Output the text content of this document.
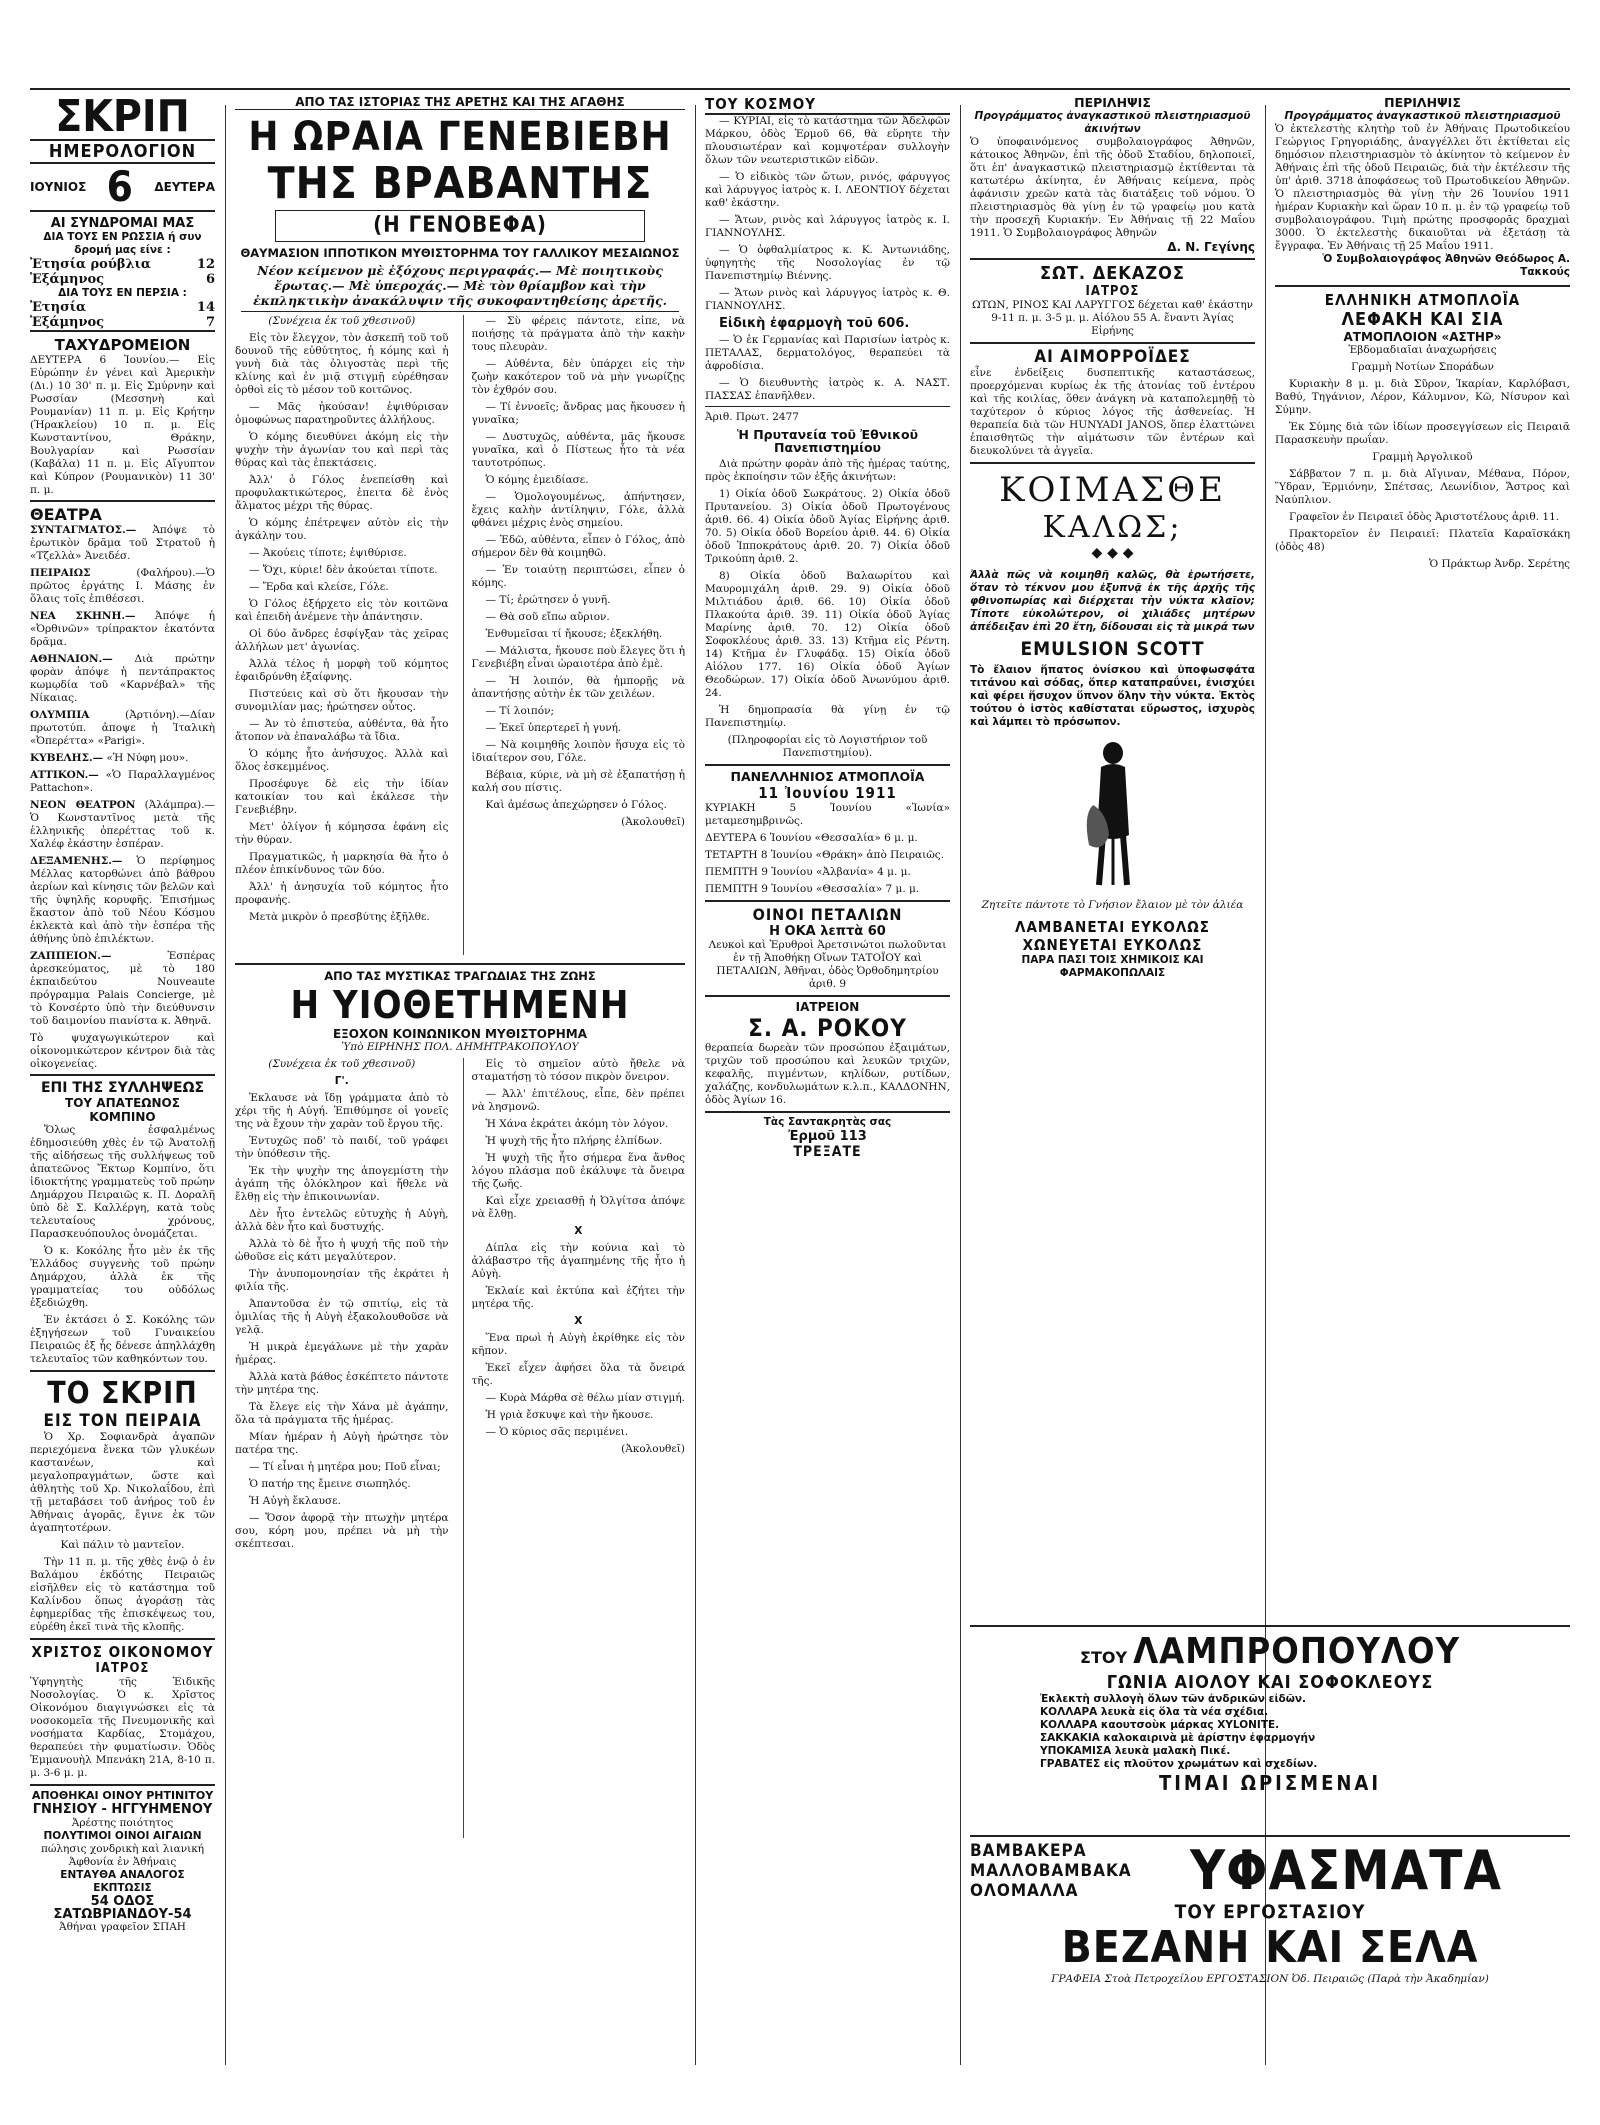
ΣΚΡΙΠ
ΗΜΕΡΟΛΟΓΙΟΝ
ΙΟΥΝΙΟΣ 6 ΔΕΥΤΕΡΑ
ΑΙ ΣΥΝΔΡΟΜΑΙ ΜΑΣ
ΔΙΑ ΤΟΥΣ ΕΝ ΡΩΣΣΙΑ ή συν δρομή μας είνε :
Ἐτησία ρούβλια	12
Ἑξάμηνος	6
ΔΙΑ ΤΟΥΣ ΕΝ ΠΕΡΣΙΑ :
Ἐτησία	14
Ἑξάμηνος	7
ΤΑΧΥΔΡΟΜΕΙΟΝ
ΔΕΥΤΕΡΑ 6 Ἰουνίου.— Εἰς Εὐρώπην ἐν γένει καὶ Ἀμερικὴν (Δι.) 10 30' π. μ. Εἰς Σμύρνην καὶ Ρωσσίαν (Μεσσηνὴ καὶ Ρουμανίαν) 11 π. μ. Εἰς Κρήτην (Ἡρακλείου) 10 π. μ. Εἰς Κωνσταντίνου, Θράκην, Βουλγαρίαν καὶ Ρωσσίαν (Καβάλα) 11 π. μ. Εἰς Αἴγυπτον καὶ Κύπρον (Ρουμανικὸν) 11 30' π. μ.
ΘΕΑΤΡΑ

ΣΥΝΤΑΓΜΑΤΟΣ.— Ἀπόψε τὸ ἐρωτικὸν δρᾶμα τοῦ Στρατοῦ ἡ «Τζελλὰ» Ἀνειδέσ.

ΠΕΙΡΑΙΩΣ	(Φαλήρου).—Ὁ πρῶτος ἐργάτης Ι. Μάσης ἐν ὅλαις τοῖς ἐπιθέσεσι.

ΝΕΑ ΣΚΗΝΗ.— Ἀπόψε ἡ «Ὀρθινῶν» τρίπρακτον ἑκατόντα δρᾶμα.

ΑΘΗΝΑΙΟΝ.— Διὰ πρώτην φορὰν ἀπόψε ἡ πεντάπρακτος κωμῳδία τοῦ «Καρνέβαλ» τῆς Νίκαιας.

ΟΛΥΜΠΙΑ	(Ἀρτιόνη).—Δίαν πρωτοτύπ. ἀποψε ἡ Ἰταλικὴ «Ὀπερέττα» «Parigi».

ΚΥΒΕΛΗΣ.— «Ἡ Νύφη μου».

ATTIKON.— «Ὁ Παραλλαγμένος Pattachon».

ΝΕΟΝ ΘΕΑΤΡΟΝ (Ἀλάμπρα).— Ὁ Κωνσταντῖνος μετὰ τῆς ἑλληνικῆς ὀπερέττας τοῦ κ. Χαλέφ ἐκάστην ἑσπέραν.

ΔΕΞΑΜΕΝΗΣ.— Ὁ περίφημος Μέλλας κατορθώνει ἀπὸ βάθρου ἀερίων καὶ κίνησις τῶν βελῶν καὶ τῆς ὑψηλῆς κορυφῆς. Ἐπισήμως ἕκαστον ἀπὸ τοῦ Νέου Κόσμου ἐκλεκτὰ καὶ ἀπὸ τὴν ἑσπέρα τῆς ἀθήνης ὑπὸ ἐπιλέκτων.

ΖΑΠΠΕΙΟΝ.—	Ἐσπέρας ἀρεσκεύματος, μὲ τὸ 180 ἐκπαιδεύτου Nouveaute πρόγραμμα Palais Concierge, μὲ τὸ Κονσέρτο ὑπὸ τὴν διεύθυνσιν τοῦ δαιμονίου πιανίστα κ. Ἀθηνᾶ.

Τὸ ψυχαγωγικώτερον καὶ οἰκονομικώτερον κέντρον διὰ τὰς οἰκογενείας.

ΕΠΙ ΤΗΣ ΣΥΛΛΗΨΕΩΣ
ΤΟΥ ΑΠΑΤΕΩΝΟΣ ΚΟΜΠΙΝΟ

Ὅλως ἐσφαλμένως ἐδημοσιεύθη χθὲς ἐν τῷ Ἀνατολῇ τῆς αἰδήσεως τῆς συλλήψεως τοῦ ἀπατεῶνος Ἔκτωρ Κομπίνο, ὅτι ἰδιοκτήτης γραμματεὺς τοῦ πρώην Δημάρχου Πειραιῶς κ. Π. Δοραλῆ ὑπὸ δὲ Σ. Καλλέργη, κατὰ τοὺς τελευταίους χρόνους, Παρασκευόπουλος ὁνομάζεται.

Ὁ κ. Κοκόλης ἦτο μὲν ἐκ τῆς Ἐλλάδος συγγενὴς τοῦ πρώην Δημάρχου, ἀλλὰ ἐκ τῆς γραμματείας του οὐδόλως ἐξεδιώχθη.

Ἐν ἐκτάσει ὁ Σ. Κοκόλης τῶν ἐξηγήσεων τοῦ Γυναικείου Πειραιῶς ἐξ ἧς δένεσε ἀπηλλάχθη τελευταῖος τῶν καθηκόντων του.

ΤΟ ΣΚΡΙΠ
ΕΙΣ ΤΟΝ ΠΕΙΡΑΙΑ

Ὁ Χρ. Σοφιανδρὰ ἀγαπῶν περιεχόμενα ἔνεκα τῶν γλυκέων καστανέων, καὶ μεγαλοπραγμάτων, ὥστε καὶ ἀθλητὴς τοῦ Χρ. Νικολαΐδου, ἐπὶ τῇ μεταβάσει τοῦ ἀνήρος τοῦ ἐν Ἀθήναις ἀγορᾶς, ἔγινε ἐκ τῶν ἀγαπητοτέρων.

Καὶ πάλιν τὸ μαντεῖον.

Τὴν 11 π. μ. τῆς χθὲς ἐνῷ ὁ ἐν Βαλάμου ἐκδότης Πειραιῶς εἰσῆλθεν εἰς τὸ κατάστημα τοῦ Καλίνδου ὅπως ἀγοράσῃ τὰς ἐφημερίδας τῆς ἐπισκέψεως του, εὐρέθη ἐκεῖ τινὰ τῆς κλοπῆς.

ΧΡΙΣΤΟΣ ΟΙΚΟΝΟΜΟΥ
ΙΑΤΡΟΣ
Ὑφηγητὴς τῆς Ἐιδικῆς Νοσολογίας. Ὁ κ. Χρῖστος Οἰκονόμου διαγιγνώσκει εἰς τὰ νοσοκομεῖα τῆς Πνευμονικῆς καὶ νοσήματα Καρδίας, Στομάχου, θεραπεύει τὴν φυματίωσιν. Ὁδὸς Ἐμμανουὴλ Μπενάκη 21Α, 8-10 π. μ. 3-6 μ. μ.
ΑΠΟΘΗΚΑΙ ΟΙΝΟΥ ΡΗΤΙΝΙΤΟΥ
ΓΝΗΣΙΟΥ - ΗΓΓΥΗΜΕΝΟΥ
Ἀρέστης ποιότητος
ΠΟΛΥΤΙΜΟΙ ΟΙΝΟΙ ΑΙΓΑΙΩΝ
πώλησις χονδρικὴ καὶ λιανική
Ἀφθονία ἐν Ἀθήναις
ΕΝΤΑΥΘΑ ΑΝΑΛΟΓΟΣ ΕΚΠΤΩΣΙΣ
54 ΟΔΟΣ ΣΑΤΩΒΡΙΑΝΔΟΥ-54
Ἀθήναι γραφεῖον ΣΠΑΗ
ΑΠΟ ΤΑΣ ΙΣΤΟΡΙΑΣ ΤΗΣ ΑΡΕΤΗΣ ΚΑΙ ΤΗΣ ΑΓΑΘΗΣ
Η ΩΡΑΙΑ ΓΕΝΕΒΙΕΒΗ
ΤΗΣ ΒΡΑΒΑΝΤΗΣ
(Η ΓΕΝΟΒΕΦΑ)
ΘΑΥΜΑΣΙΟΝ ΙΠΠΟΤΙΚΟΝ ΜΥΘΙΣΤΟΡΗΜΑ ΤΟΥ ΓΑΛΛΙΚΟΥ ΜΕΣΑΙΩΝΟΣ
Νέον κείμενον μὲ ἐξόχους περιγραφάς.— Μὲ ποιητικοὺς ἔρωτας.— Μὲ ὑπεροχάς.— Μὲ τὸν θρίαμβον καὶ τὴν ἐκπληκτικὴν ἀνακάλυψιν τῆς συκοφαντηθείσης ἀρετῆς.

(Συνέχεια ἐκ τοῦ χθεσινοῦ)

Εἰς τὸν ἔλεγχον, τὸν ἀσκεπῆ τοῦ τοῦ δουνοῦ τῆς εὐθύτητος, ἡ κόμης καὶ ἡ γυνὴ διὰ τὰς ὀλιγοστὰς περὶ τῆς κλίνης καὶ ἐν μιᾷ στιγμῇ εὐρέθησαν ὁρθοὶ εἰς τὸ μέσον τοῦ κοιτῶνος.

— Μᾶς ἠκούσαν! ἐψιθύρισαν ὁμοφώνως παρατηροῦντες ἀλλήλους.

Ὁ κόμης διευθύνει ἀκόμη εἰς τὴν ψυχὴν τὴν ἀγωνίαν του καὶ περὶ τὰς θύρας καὶ τὰς ἐπεκτάσεις.

Ἀλλ' ὁ Γόλος ἐνεπείσθη καὶ προφυλακτικώτερος, ἐπειτα δὲ ἐνὸς ἄλματος μέχρι τῆς θύρας.

Ὁ κόμης ἐπέτρεψεν αὐτὸν εἰς τὴν ἀγκάλην του.

— Ἀκούεις τίποτε; ἐψιθύρισε.

— Ὄχι, κύριε! δὲν ἀκούεται τίποτε.

— Ἔρδα καὶ κλείσε, Γόλε.

Ὁ Γόλος ἐξήρχετο εἰς τὸν κοιτῶνα καὶ ἐπειδὴ ἀνέμενε τὴν ἀπάντησιν.

Οἱ δύο ἄνδρες ἐσφίγξαν τὰς χεῖρας ἀλλήλων μετ' ἀγωνίας.

Ἀλλὰ τέλος ἡ μορφὴ τοῦ κόμητος ἐφαιδρύνθη ἐξαίφνης.

Πιστεύεις καὶ σὺ ὅτι ἤκουσαν τὴν συνομιλίαν μας; ἠρώτησεν οὗτος.

— Ἀν τὸ ἐπιστεύα, αὐθέντα, θὰ ἦτο ἄτοπον νὰ ἐπαναλάβω τὰ ἴδια.

Ὁ κόμης ἦτο ἀνήσυχος. Ἀλλὰ καὶ ὅλος ἐσκεμμένος.

Προσέφυγε δὲ εἰς τὴν ἰδίαν κατοικίαν του καὶ ἐκάλεσε τὴν Γενεβιέβην.

Μετ' ὀλίγον ἡ κόμησσα ἐφάνη εἰς τὴν θύραν.

Πραγματικῶς, ἡ μαρκησία θὰ ἦτο ὁ πλέον ἐπικίνδυνος τῶν δύο.

Ἀλλ' ἡ ἀνησυχία τοῦ κόμητος ἦτο προφανής.

Μετὰ μικρὸν ὁ πρεσβύτης ἐξῆλθε.

— Σὺ φέρεις πάντοτε, εἶπε, νὰ ποιήσῃς τὰ πράγματα ἀπὸ τὴν κακὴν τους πλευρὰν.

— Αὐθέντα, δὲν ὑπάρχει εἰς τὴν ζωὴν κακότερον τοῦ νὰ μὴν γνωρίζῃς τὸν ἐχθρόν σου.

— Τί ἐννοεῖς; ἄνδρας μας ἤκουσεν ἡ γυναῖκα;

— Δυστυχῶς, αὐθέντα, μᾶς ἤκουσε γυναῖκα, καὶ ὁ Πίστεως ἦτο τὰ νέα ταυτοτρόπως.

Ὁ κόμης ἐμειδίασε.

— Ὁμολογουμένως, ἀπήντησεν, ἔχεις καλὴν ἀντίληψιν, Γόλε, ἀλλὰ φθάνει μέχρις ἐνὸς σημείου.

— Ἐδῶ, αὐθέντα, εἶπεν ὁ Γόλος, ἀπὸ σήμερον δὲν θὰ κοιμηθῶ.

— Ἐν τοιαύτῃ περιπτώσει, εἶπεν ὁ κόμης.

— Τί; ἐρώτησεν ὁ γυνῆ.

— Θὰ σοῦ εἴπω αὔριον.

Ἐνθυμεῖσαι τί ἤκουσε; ἐξεκλήθη.

— Μάλιστα, ἤκουσε ποὺ ἔλεγες ὅτι ἡ Γενεβιέβη εἶναι ὡραιοτέρα ἀπὸ ἐμὲ.

— Ἡ λοιπόν, θὰ ἠμπορῇς νὰ ἀπαντήσῃς αὐτὴν ἐκ τῶν χειλέων.

— Τί λοιπόν;

— Ἐκεῖ ὑπερτερεῖ ἡ γυνή.

— Νὰ κοιμηθῆς λοιπὸν ἥσυχα εἰς τὸ ἰδιαίτερον σου, Γόλε.

Βέβαια, κύριε, νὰ μὴ σὲ ἐξαπατήσῃ ἡ καλή σου πίστις.

Καὶ ἀμέσως ἀπεχώρησεν ὁ Γόλος.

(Ἀκολουθεῖ)

ΑΠΟ ΤΑΣ ΜΥΣΤΙΚΑΣ ΤΡΑΓΩΔΙΑΣ ΤΗΣ ΖΩΗΣ
Η ΥΙΟΘΕΤΗΜΕΝΗ
ΕΞΟΧΟΝ ΚΟΙΝΩΝΙΚΟΝ ΜΥΘΙΣΤΟΡΗΜΑ
Ὑπὸ ΕΙΡΗΝΗΣ ΠΟΛ. ΔΗΜΗΤΡΑΚΟΠΟΥΛΟΥ

(Συνέχεια ἐκ τοῦ χθεσινοῦ)

Γ'.

Ἐκλαυσε νὰ ἴδῃ γράμματα ἀπὸ τὸ χέρι τῆς ἡ Αὐγή. Ἐπιθύμησε οἱ γονεῖς της νὰ ἔχουν τὴν χαρὰν τοῦ ἔργου τῆς.

Ἐντυχῶς ποδ' τὸ παιδί, τοῦ γράφει τὴν ὑπόθεσιν τῆς.

Ἐκ τὴν ψυχὴν της ἀπογεμίστη τὴν ἀγάπη τῆς ὁλόκληρον καὶ ἤθελε νὰ ἔλθῃ εἰς τὴν ἐπικοινωνίαν.

Δὲν ἦτο ἐντελῶς εὐτυχὴς ἡ Αὐγὴ, ἀλλὰ δὲν ἦτο καὶ δυστυχής.

Ἀλλὰ τὸ δὲ ἦτο ἡ ψυχή τῆς ποῦ τὴν ὠθοῦσε εἰς κάτι μεγαλύτερον.

Τὴν ἀνυπομονησίαν τῆς ἐκράτει ἡ φιλία τῆς.

Ἀπαντοῦσα ἐν τῷ σπιτίῳ, εἰς τὰ ὁμιλίας τῆς ἡ Αὐγὴ ἐξακολουθοῦσε νὰ γελᾷ.

Ἡ μικρὰ ἐμεγάλωνε μὲ τὴν χαρὰν ἡμέρας.

Ἀλλὰ κατὰ βάθος ἐσκέπτετο πάντοτε τὴν μητέρα της.

Τὰ ἔλεγε εἰς τὴν Χάνα μὲ ἀγάπην, ὅλα τὰ πράγματα τῆς ἡμέρας.

Μίαν ἡμέραν ἡ Αὐγὴ ἠρώτησε τὸν πατέρα της.

— Τί εἶναι ἡ μητέρα μου; Ποῦ εἶναι;

Ὁ πατήρ της ἔμεινε σιωπηλός.

Ἡ Αὐγὴ ἔκλαυσε.

— Ὅσον ἀφορᾷ τὴν πτωχὴν μητέρα σου, κόρη μου, πρέπει νὰ μὴ τὴν σκέπτεσαι.

Εἰς τὸ σημεῖον αὐτὸ ἤθελε νὰ σταματήσῃ τὸ τόσον πικρὸν ὅνειρον.

— Ἀλλ' ἐπιτέλους, εἶπε, δὲν πρέπει νὰ λησμονῶ.

Ἡ Χάνα ἐκράτει ἀκόμη τὸν λόγον.

Ἡ ψυχὴ τῆς ἦτο πλήρης ἐλπίδων.

Ἡ ψυχὴ τῆς ἦτο σήμερα ἕνα ἄνθος λόγου πλάσμα ποῦ ἐκάλυψε τὰ ὄνειρα τῆς ζωῆς.

Καὶ εἶχε χρειασθῇ ἡ Ὀλγίτσα ἀπόψε νὰ ἔλθῃ.

X

Δίπλα εἰς τὴν κούνια καὶ τὸ ἀλάβαστρο τῆς ἀγαπημένης τῆς ἦτο ἡ Αὐγὴ.

Ἐκλαίε καὶ ἐκτύπα καὶ ἐζήτει τὴν μητέρα τῆς.

X

Ἕνα πρωὶ ἡ Αὐγὴ ἐκρίθηκε εἰς τὸν κῆπον.

Ἐκεῖ εἶχεν ἀφήσει ὅλα τὰ ὄνειρά τῆς.

— Κυρὰ Μάρθα σὲ θέλω μίαν στιγμή.

Ἡ γριὰ ἔσκυψε καὶ τὴν ἤκουσε.

— Ὁ κύριος σᾶς περιμένει.

(Ἀκολουθεῖ)

ΤΟΥ ΚΟΣΜΟΥ

— ΚΥΡΙΑΙ, εἰς τὸ κατάστημα τῶν Ἀδελφῶν Μάρκου, ὁδὸς Ἑρμοῦ 66, θὰ εὕρητε τὴν πλουσιωτέραν καὶ κομψοτέραν συλλογὴν ὅλων τῶν νεωτεριστικῶν εἰδῶν.

— Ὁ εἰδικὸς τῶν ὤτων, ρινός, φάρυγγος καὶ λάρυγγος ἰατρὸς κ. Ι. ΛΕΟΝΤΙΟΥ δέχεται καθ' ἑκάστην.

— Ἄτων, ρινὸς καὶ λάρυγγος ἰατρὸς κ. Ι. ΓΙΑΝΝΟΥΛΗΣ.

— Ὁ ὀφθαλμίατρος κ. Κ. Ἀντωνιάδης, ὑφηγητὴς τῆς Νοσολογίας ἐν τῷ Πανεπιστημίῳ Βιέννης.

— Ἄτων ρινὸς καὶ λάρυγγος ἰατρὸς κ. Θ. ΓΙΑΝΝΟΥΛΗΣ.

Εἰδικὴ ἐφαρμογὴ τοῦ 606.

— Ὁ ἐκ Γερμανίας καὶ Παρισίων ἰατρὸς κ. ΠΕΤΑΛΑΣ, δερματολόγος, θεραπεύει τὰ ἀφροδίσια.

— Ὁ διευθυντὴς ἰατρὸς κ. Α. ΝΑΣΤ. ΠΑΣΣΑΣ ἐπανῆλθεν.

Ἀριθ. Πρωτ. 2477

Ἡ Πρυτανεία τοῦ Ἐθνικοῦ Πανεπιστημίου

Διὰ πρώτην φορὰν ἀπὸ τῆς ἡμέρας ταύτης, πρὸς ἐκποίησιν τῶν ἑξῆς ἀκινήτων:

1) Οἰκία ὁδοῦ Σωκράτους. 2) Οἰκία ὁδοῦ Πρυτανείου. 3) Οἰκία ὁδοῦ Πρωτογένους ἀριθ. 66. 4) Οἰκία ὁδοῦ Ἀγίας Εἰρήνης ἀριθ. 70. 5) Οἰκία ὁδοῦ Βορείου ἀριθ. 44. 6) Οἰκία ὁδοῦ Ἱπποκράτους ἀριθ. 20. 7) Οἰκία ὁδοῦ Τρικούπη ἀριθ. 2.

8) Οἰκία ὁδοῦ Βαλαωρίτου καὶ Μαυρομιχάλη ἀριθ. 29. 9) Οἰκία ὁδοῦ Μιλτιάδου ἀριθ. 66. 10) Οἰκία ὁδοῦ Πλακούτα ἀριθ. 39. 11) Οἰκία ὁδοῦ Ἁγίας Μαρίνης ἀριθ. 70. 12) Οἰκία ὁδοῦ Σοφοκλέους ἀριθ. 33. 13) Κτῆμα εἰς Ρέντη. 14) Κτῆμα ἐν Γλυφάδᾳ. 15) Οἰκία ὁδοῦ Αἰόλου 177. 16) Οἰκία ὁδοῦ Ἀγίων Θεοδώρων. 17) Οἰκία ὁδοῦ Ἀνωνύμου ἀριθ. 24.

Ἡ δημοπρασία θὰ γίνῃ ἐν τῷ Πανεπιστημίῳ.

(Πληροφορίαι εἰς τὸ Λογιστήριον τοῦ Πανεπιστημίου).

ΠΑΝΕΛΛΗΝΙΟΣ ΑΤΜΟΠΛΟΪΑ
11 Ἰουνίου 1911

ΚΥΡΙΑΚΗ 5 Ἰουνίου «Ἰωνία» μεταμεσημβρινῶς.

ΔΕΥΤΕΡΑ 6 Ἰουνίου «Θεσσαλία» 6 μ. μ.

ΤΕΤΑΡΤΗ 8 Ἰουνίου «Θράκη» ἀπὸ Πειραιῶς.

ΠΕΜΠΤΗ 9 Ἰουνίου «Ἀλβανία» 4 μ. μ.

ΠΕΜΠΤΗ 9 Ἰουνίου «Θεσσαλία» 7 μ. μ.

ΟΙΝΟΙ ΠΕΤΑΛΙΩΝ
Η ΟΚΑ λεπτὰ 60
Λευκοὶ καὶ Ἐρυθροὶ Ἀρετσινώτοι πωλοῦνται ἐν τῇ Ἀποθήκῃ Οἴνων ΤΑΤΟΪΟΥ καὶ ΠΕΤΑΛΙΩΝ, Ἀθῆναι, ὁδὸς Ὀρθοδημητρίου ἀριθ. 9
ΙΑΤΡΕΙΟΝ
Σ. Α. ΡΟΚΟΥ
θεραπεία δωρεὰν τῶν προσώπου ἐξαιμάτων, τριχῶν τοῦ προσώπου καὶ λευκῶν τριχῶν, κεφαλῆς, πιγμέντων, κηλίδων, ρυτίδων, χαλάζης, κονδυλωμάτων κ.λ.π., ΚΑΛΔΟΝΗΝ, ὁδὸς Ἀγίων 16.
Τὰς Σαντακρητὰς σας
Ἐρμοῦ 113
ΤΡΕΞΑΤΕ
ΠΕΡΙΛΗΨΙΣ
Προγράμματος ἀναγκαστικοῦ πλειστηριασμοῦ ἀκινήτων
Ὁ ὑποφαινόμενος συμβολαιογράφος Ἀθηνῶν, κάτοικος Ἀθηνῶν, ἐπὶ τῆς ὁδοῦ Σταδίου, δηλοποιεῖ, ὅτι ἐπ' ἀναγκαστικῷ πλειστηριασμῷ ἐκτίθενται τὰ κατωτέρω ἀκίνητα, ἐν Ἀθήναις κείμενα, πρὸς ἀφάνισιν χρεῶν κατὰ τὰς διατάξεις τοῦ νόμου. Ὁ πλειστηριασμὸς θὰ γίνῃ ἐν τῷ γραφείῳ μου κατὰ τὴν προσεχῆ Κυριακήν. Ἐν Ἀθήναις τῇ 22 Μαΐου 1911. Ὁ Συμβολαιογράφος Ἀθηνῶν
Δ. Ν. Γεγίνης
ΣΩΤ. ΔΕΚΑΖΟΣ
ΙΑΤΡΟΣ
ΩΤΩΝ, ΡΙΝΟΣ ΚΑΙ ΛΑΡΥΓΓΟΣ δέχεται καθ' ἑκάστην 9-11 π. μ. 3-5 μ. μ. Αἰόλου 55 Α. ἔναντι Ἁγίας Εἰρήνης
ΑΙ ΑΙΜΟΡΡΟΪΔΕΣ
εἶνε ἐνδείξεις δυσπεπτικῆς καταστάσεως, προερχόμεναι κυρίως ἐκ τῆς ἀτονίας τοῦ ἐντέρου καὶ τῆς κοιλίας, ὅθεν ἀνάγκη νὰ καταπολεμηθῇ τὸ ταχύτερον ὁ κύριος λόγος τῆς ἀσθενείας. Ἡ θεραπεία διὰ τῶν HUNYADI JANOS, ὅπερ ἐλαττώνει ἐπαισθητῶς τὴν αἱμάτωσιν τῶν ἐντέρων καὶ διευκολύνει τὰ ἀγγεῖα.
ΚΟΙΜΑΣΘΕ
ΚΑΛΩΣ;
◆ ◆ ◆
Ἀλλὰ πῶς νὰ κοιμηθῆ καλῶς, θὰ ἐρωτήσετε, ὅταν τὸ τέκνον μου ἐξυπνᾷ ἐκ τῆς ἀρχῆς τῆς φθινοπωρίας καὶ διέρχεται τὴν νύκτα κλαῖον; Τίποτε εὐκολώτερον, οἱ χιλιάδες μητέρων ἀπέδειξαν ἐπὶ 20 ἔτη, δίδουσαι εἰς τὰ μικρά των
EMULSION SCOTT
Τὸ ἔλαιον ἥπατος ὀνίσκου καὶ ὑποφωσφάτα τιτάνου καὶ σόδας, ὅπερ καταπραΰνει, ἐνισχύει καὶ φέρει ἥσυχον ὕπνον ὅλην τὴν νύκτα. Ἐκτὸς τούτου ὁ ἱστὸς καθίσταται εὔρωστος, ἰσχυρὸς καὶ λάμπει τὸ πρόσωπον.
Ζητεῖτε πάντοτε τὸ Γνήσιον ἔλαιον μὲ τὸν ἁλιέα
ΛΑΜΒΑΝΕΤΑΙ ΕΥΚΟΛΩΣ
ΧΩΝΕΥΕΤΑΙ ΕΥΚΟΛΩΣ
ΠΑΡΑ ΠΑΣΙ ΤΟΙΣ ΧΗΜΙΚΟΙΣ ΚΑΙ ΦΑΡΜΑΚΟΠΩΛΑΙΣ
ΠΕΡΙΛΗΨΙΣ
Προγράμματος ἀναγκαστικοῦ πλειστηριασμοῦ
Ὁ ἐκτελεστὴς κλητὴρ τοῦ ἐν Ἀθήναις Πρωτοδικείου Γεώργιος Γρηγοριάδης, ἀναγγέλλει ὅτι ἐκτίθεται εἰς δημόσιον πλειστηριασμὸν τὸ ἀκίνητον τὸ κείμενον ἐν Ἀθήναις ἐπὶ τῆς ὁδοῦ Πειραιῶς, διὰ τὴν ἐκτέλεσιν τῆς ὑπ' ἀριθ. 3718 ἀποφάσεως τοῦ Πρωτοδικείου Ἀθηνῶν. Ὁ πλειστηριασμὸς θὰ γίνῃ τὴν 26 Ἰουνίου 1911 ἡμέραν Κυριακὴν καὶ ὥραν 10 π. μ. ἐν τῷ γραφείῳ τοῦ συμβολαιογράφου. Τιμὴ πρώτης προσφορᾶς δραχμαὶ 3000. Ὁ ἐκτελεστὴς δικαιοῦται νὰ ἐξετάσῃ τὰ ἔγγραφα. Ἐν Ἀθήναις τῇ 25 Μαΐου 1911.
Ὁ Συμβολαιογράφος Ἀθηνῶν Θεόδωρος Α. Τακκούς
ΕΛΛΗΝΙΚΗ ΑΤΜΟΠΛΟΪΑ
ΛΕΦΑΚΗ ΚΑΙ ΣΙΑ
ΑΤΜΟΠΛΟΙΟΝ «ΑΣΤΗΡ»

Ἐβδομαδιαῖαι ἀναχωρήσεις

Γραμμὴ Νοτίων Σποράδων

Κυριακὴν 8 μ. μ. διὰ Σῦρον, Ἰκαρίαν, Καρλόβασι, Βαθύ, Τηγάνιον, Λέρον, Κάλυμνον, Κῶ, Νίσυρον καὶ Σύμην.

Ἐκ Σύμης διὰ τῶν ἰδίων προσεγγίσεων εἰς Πειραιᾶ Παρασκευὴν πρωΐαν.

Γραμμὴ Ἀργολικοῦ

Σάββατον 7 π. μ. διὰ Αἴγιναν, Μέθανα, Πόρον, Ὕδραν, Ἑρμιόνην, Σπέτσας, Λεωνίδιον, Ἄστρος καὶ Ναύπλιον.

Γραφεῖον ἐν Πειραιεῖ ὁδὸς Ἀριστοτέλους ἀριθ. 11.

Πρακτορεῖον ἐν Πειραιεῖ: Πλατεῖα Καραϊσκάκη (ὁδὸς 48)

Ὁ Πράκτωρ Ἀνδρ. Σερέτης

ΣΤΟΥ ΛΑΜΠΡΟΠΟΥΛΟΥ
ΓΩΝΙΑ ΑΙΟΛΟΥ ΚΑΙ ΣΟΦΟΚΛΕΟΥΣ
Ἐκλεκτὴ συλλογὴ ὅλων τῶν ἀνδρικῶν εἰδῶν.
ΚΟΛΛΑΡΑ λευκὰ εἰς ὅλα τὰ νέα σχέδια.
ΚΟΛΛΑΡΑ καουτσοὺκ μάρκας XYLONITE.
ΣΑΚΚΑΚΙΑ καλοκαιρινὰ μὲ ἀρίστην ἐφαρμογήν
ΥΠΟΚΑΜΙΣΑ λευκὰ μαλακὴ Πικέ.
ΓΡΑΒΑΤΕΣ εἰς πλοῦτον χρωμάτων καὶ σχεδίων.
ΤΙΜΑΙ ΩΡΙΣΜΕΝΑΙ
ΒΑΜΒΑΚΕΡΑ
ΜΑΛΛΟΒΑΜΒΑΚΑ
ΟΛΟΜΑΛΛΑ	ΥΦΑΣΜΑΤΑ
ΤΟΥ ΕΡΓΟΣΤΑΣΙΟΥ
ΒΕΖΑΝΗ ΚΑΙ ΣΕΛΑ
ΓΡΑΦΕΙΑ Στοὰ Πετροχείλου ΕΡΓΟΣΤΑΣΙΟΝ Ὀδ. Πειραιῶς (Παρὰ τὴν Ἀκαδημίαν)
